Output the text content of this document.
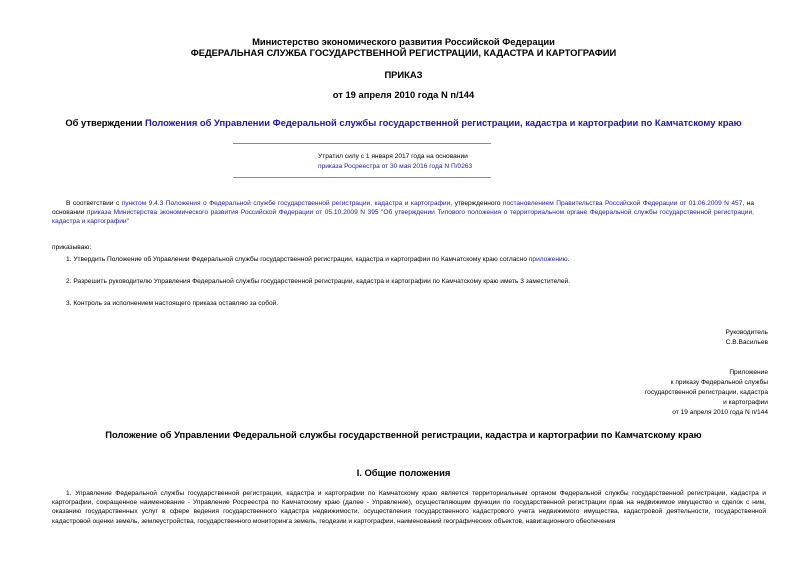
Министерство экономического развития Российской Федерации
ФЕДЕРАЛЬНАЯ СЛУЖБА ГОСУДАРСТВЕННОЙ РЕГИСТРАЦИИ, КАДАСТРА И КАРТОГРАФИИ
ПРИКАЗ
от 19 апреля 2010 года N п/144
Об утверждении Положения об Управлении Федеральной службы государственной регистрации, кадастра и картографии по Камчатскому краю
Утратил силу с 1 января 2017 года на основании
приказа Росреестра от 30 мая 2016 года N П/0263
В соответствии с пунктом 9.4.3 Положения о Федеральной службе государственной регистрации, кадастра и картографии, утвержденного постановлением Правительства Российской Федерации от 01.06.2009 N 457, на основании приказа Министерства экономического развития Российской Федерации от 05.10.2009 N 395 "Об утверждении Типового положения о территориальном органе Федеральной службы государственной регистрации, кадастра и картографии"
приказываю:
1. Утвердить Положение об Управлении Федеральной службы государственной регистрации, кадастра и картографии по Камчатскому краю согласно приложению.
2. Разрешить руководителю Управления Федеральной службы государственной регистрации, кадастра и картографии по Камчатскому краю иметь 3 заместителей.
3. Контроль за исполнением настоящего приказа оставляю за собой.
Руководитель
С.В.Васильев
Приложение
к приказу Федеральной службы
государственной регистрации, кадастра
и картографии
от 19 апреля 2010 года N п/144
Положение об Управлении Федеральной службы государственной регистрации, кадастра и картографии по Камчатскому краю
I. Общие положения
1. Управление Федеральной службы государственной регистрации, кадастра и картографии по Камчатскому краю является территориальным органом Федеральной службы государственной регистрации, кадастра и картографии, сокращенное наименование - Управление Росреестра по Камчатскому краю (далее - Управление), осуществляющим функции по государственной регистрации прав на недвижимое имущество и сделок с ним, оказанию государственных услуг в сфере ведения государственного кадастра недвижимости, осуществления государственного кадастрового учета недвижимого имущества, кадастровой деятельности, государственной кадастровой оценки земель, землеустройства, государственного мониторинга земель, геодезии и картографии, наименований географических объектов, навигационного обеспечения
